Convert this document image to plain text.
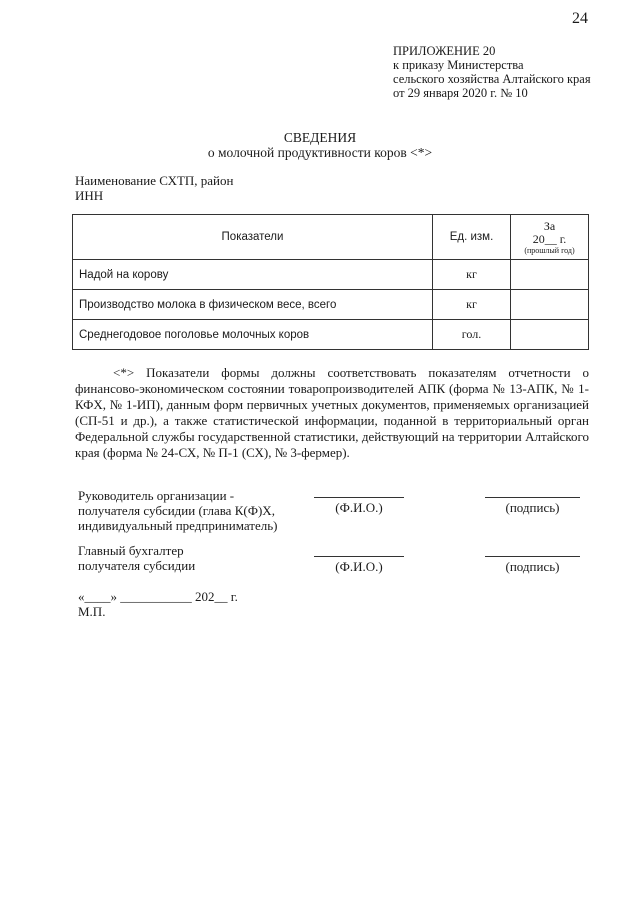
24
ПРИЛОЖЕНИЕ 20
к приказу Министерства
сельского хозяйства Алтайского края
от 29 января 2020 г. № 10
СВЕДЕНИЯ
о молочной продуктивности коров <*>
Наименование СХТП, район
ИНН
Показатели	Ед. изм.	За
20__ г.
(прошлый год)

Надой на корову	кг	
Производство молока в физическом весе, всего	кг	
Среднегодовое поголовье молочных коров	гол.	
<*> Показатели формы должны соответствовать показателям отчетности о финансово-экономическом состоянии товаропроизводителей АПК (форма № 13-АПК, № 1-КФХ, № 1-ИП), данным форм первичных учетных документов, применяемых организацией (СП-51 и др.), а также статистической информации, поданной в территориальный орган Федеральной службы государственной статистики, действующий на территории Алтайского края (форма № 24-СХ, № П-1 (СХ), № 3-фермер).
Руководитель организации -
получателя субсидии (глава К(Ф)Х,
индивидуальный предприниматель)
(Ф.И.О.)	(подпись)
Главный бухгалтер
получателя субсидии	(Ф.И.О.)	(подпись)
«____» ___________ 202__ г.
М.П.
